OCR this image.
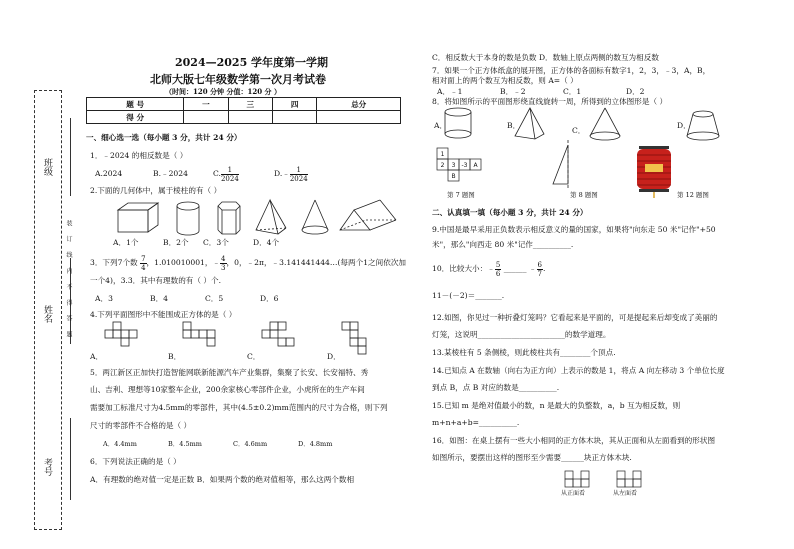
班级
姓名
考号
装 订 线 内 不 得 答 题
2024—2025 学年度第一学期
北师大版七年级数学第一次月考试卷
（时间：120 分钟 分值：120 分 ）
题 号	一	三	四	总分
得 分				
一、细心选一选（每小题 3 分，共计 24 分）
1．﹣2024 的相反数是（ ）
A.2024	B.﹣2024	C. $\frac{1}{2024}$	D.﹣ $\frac{1}{2024}$
2.下面的几何体中，属于棱柱的有（ ）
A．1个	B．2个 C．3个	D．4个
3．下列7个数 $\frac{7}{4}$ ，1.010010001，﹣ $\frac{4}{3}$ ，0，﹣2π，﹣3.141441444…(每两个1之间依次加
一个4)，3.3．其中有理数的有（ ）个.
A．3	B．4	C．5	D．6
4.下列平面图形中不能围成正方体的是（ ）
A．	B．	C．	D．
5．两江新区正加快打造智能网联新能源汽车产业集群，集聚了长安、长安福特、秀
山、吉利、理想等10家整车企业，200余家核心零部件企业，小虎所在的生产车间
需要加工标准尺寸为4.5mm的零部件，其中(4.5±0.2)mm范围内的尺寸为合格，则下列
尺寸的零部件不合格的是（ ）
A．4.4mm	B．4.5mm	C．4.6mm	D．4.8mm
6．下列说法正确的是（ ）
A．有理数的绝对值一定是正数 B．如果两个数的绝对值相等，那么这两个数相
C．相反数大于本身的数是负数 D．数轴上原点两侧的数互为相反数
7．如果一个正方体纸盒的展开图，正方体的各面标有数字1，2，3，﹣3，A，B，
相对面上的两个数互为相反数，则 A=（ ）
A．﹣1	B．﹣2	C．1	D．2
8．将如图所示的平面图形绕直线旋转一周，所得到的立体图形是（ ）
A．	B．
C．
D．
1
2 3 -3 A
B
第 7 题图	第 8 题图	第 12 题图
二、认真填一填（每小题 3 分，共计 24 分）
9.中国是最早采用正负数表示相反意义的量的国家，如果将"向东走 50 米"记作"+50
米"，那么"向西走 80 米"记作__________.
10．比较大小：﹣ $\frac{5}{6}$ ______ ﹣ $\frac{6}{7}$ .
11－(－2)＝_______.
12.如图，你见过一种折叠灯笼吗？它看起来是平面的，可是提起来后却变成了美丽的
灯笼，这说明_______________________的数学道理。
13.某棱柱有 5 条侧棱，则此棱柱共有________个顶点.
14.已知点 A 在数轴（向右为正方向）上表示的数是 1，将点 A 向左移动 3 个单位长度
到点 B，点 B 对应的数是__________.
15.已知 m 是绝对值最小的数，n 是最大的负整数，a，b 互为相反数，则
m+n+a+b=__________.
16．如图：在桌上摆有一些大小相同的正方体木块，其从正面和从左面看到的形状图
如图所示，要摆出这样的图形至少需要______块正方体木块.
从正面看	从左面看
